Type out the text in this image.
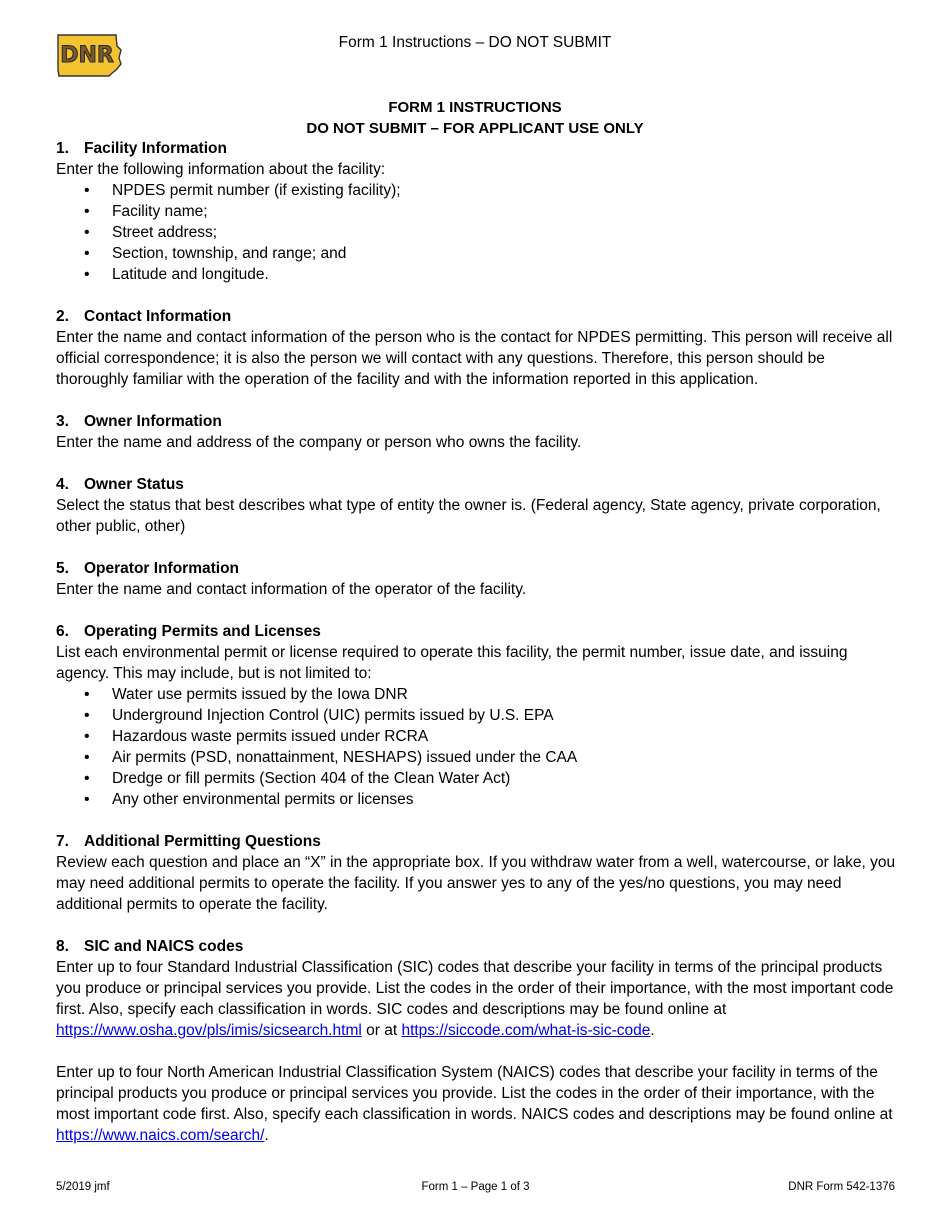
DNR
Form 1 Instructions – DO NOT SUBMIT
FORM 1 INSTRUCTIONS
DO NOT SUBMIT – FOR APPLICANT USE ONLY
1. Facility Information

Enter the following information about the facility:

• NPDES permit number (if existing facility);
• Facility name;
• Street address;
• Section, township, and range; and
• Latitude and longitude.
2. Contact Information

Enter the name and contact information of the person who is the contact for NPDES permitting. This person will receive all official correspondence; it is also the person we will contact with any questions. Therefore, this person should be thoroughly familiar with the operation of the facility and with the information reported in this application.

3. Owner Information

Enter the name and address of the company or person who owns the facility.

4. Owner Status

Select the status that best describes what type of entity the owner is. (Federal agency, State agency, private corporation, other public, other)

5. Operator Information

Enter the name and contact information of the operator of the facility.

6. Operating Permits and Licenses

List each environmental permit or license required to operate this facility, the permit number, issue date, and issuing agency. This may include, but is not limited to:

• Water use permits issued by the Iowa DNR
• Underground Injection Control (UIC) permits issued by U.S. EPA
• Hazardous waste permits issued under RCRA
• Air permits (PSD, nonattainment, NESHAPS) issued under the CAA
• Dredge or fill permits (Section 404 of the Clean Water Act)
• Any other environmental permits or licenses
7. Additional Permitting Questions

Review each question and place an “X” in the appropriate box. If you withdraw water from a well, watercourse, or lake, you may need additional permits to operate the facility. If you answer yes to any of the yes/no questions, you may need additional permits to operate the facility.

8. SIC and NAICS codes

Enter up to four Standard Industrial Classification (SIC) codes that describe your facility in terms of the principal products you produce or principal services you provide. List the codes in the order of their importance, with the most important code first. Also, specify each classification in words. SIC codes and descriptions may be found online at https://www.osha.gov/pls/imis/sicsearch.html or at https://siccode.com/what-is-sic-code.

Enter up to four North American Industrial Classification System (NAICS) codes that describe your facility in terms of the principal products you produce or principal services you provide. List the codes in the order of their importance, with the most important code first. Also, specify each classification in words. NAICS codes and descriptions may be found online at https://www.naics.com/search/.

5/2019 jmf	Form 1 – Page 1 of 3	DNR Form 542-1376
